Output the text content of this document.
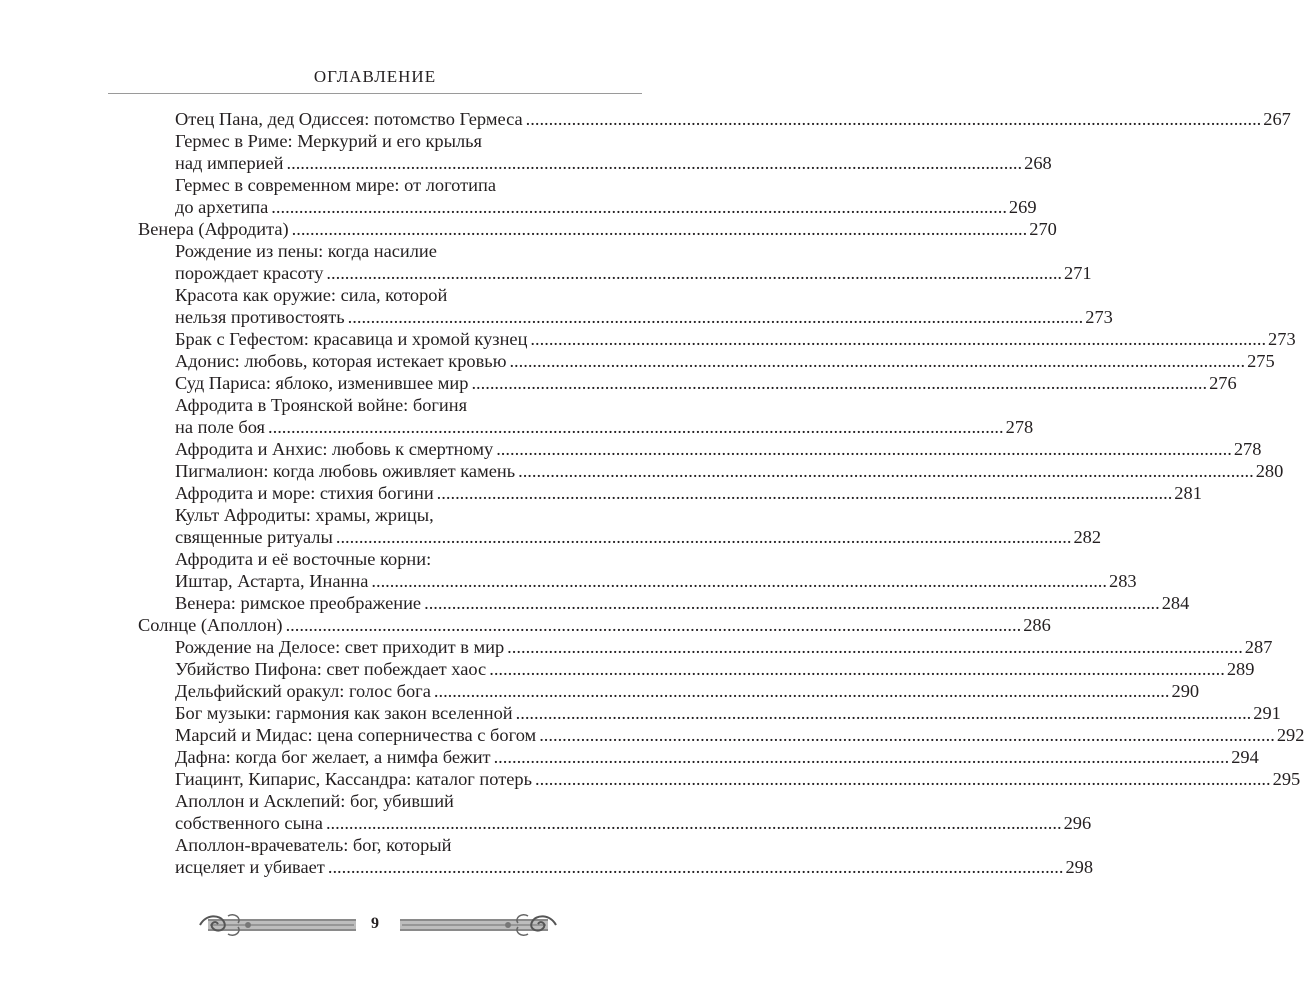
ОГЛАВЛЕНИЕ
Отец Пана, дед Одиссея: потомство Гермеса ................................................................................................................................................................ 267
Гермес в Риме: Меркурий и его крылья
над империей ................................................................................................................................................................ 268
Гермес в современном мире: от логотипа
до архетипа ................................................................................................................................................................ 269
Венера (Афродита) ................................................................................................................................................................ 270
Рождение из пены: когда насилие
порождает красоту ................................................................................................................................................................ 271
Красота как оружие: сила, которой
нельзя противостоять ................................................................................................................................................................ 273
Брак с Гефестом: красавица и хромой кузнец ................................................................................................................................................................ 273
Адонис: любовь, которая истекает кровью ................................................................................................................................................................ 275
Суд Париса: яблоко, изменившее мир ................................................................................................................................................................ 276
Афродита в Троянской войне: богиня
на поле боя ................................................................................................................................................................ 278
Афродита и Анхис: любовь к смертному ................................................................................................................................................................ 278
Пигмалион: когда любовь оживляет камень ................................................................................................................................................................ 280
Афродита и море: стихия богини ................................................................................................................................................................ 281
Культ Афродиты: храмы, жрицы,
священные ритуалы ................................................................................................................................................................ 282
Афродита и её восточные корни:
Иштар, Астарта, Инанна ................................................................................................................................................................ 283
Венера: римское преображение ................................................................................................................................................................ 284
Солнце (Аполлон) ................................................................................................................................................................ 286
Рождение на Делосе: свет приходит в мир ................................................................................................................................................................ 287
Убийство Пифона: свет побеждает хаос ................................................................................................................................................................ 289
Дельфийский оракул: голос бога ................................................................................................................................................................ 290
Бог музыки: гармония как закон вселенной ................................................................................................................................................................ 291
Марсий и Мидас: цена соперничества с богом ................................................................................................................................................................ 292
Дафна: когда бог желает, а нимфа бежит ................................................................................................................................................................ 294
Гиацинт, Кипарис, Кассандра: каталог потерь ................................................................................................................................................................ 295
Аполлон и Асклепий: бог, убивший
собственного сына ................................................................................................................................................................ 296
Аполлон-врачеватель: бог, который
исцеляет и убивает ................................................................................................................................................................ 298
9
